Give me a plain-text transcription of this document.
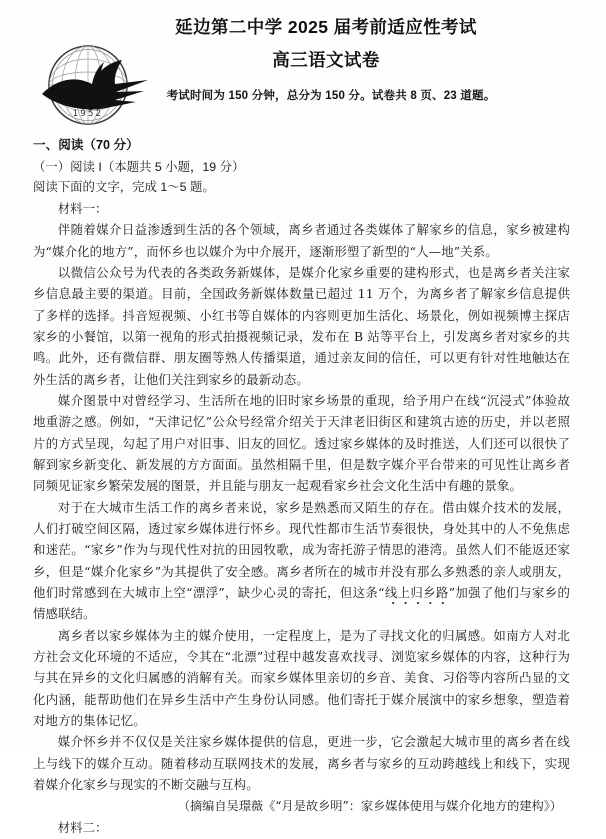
1952
延边第二中学 2025 届考前适应性考试
高三语文试卷
考试时间为 150 分钟，总分为 150 分。试卷共 8 页、23 道题。
一、阅读（70 分）
（一）阅读 I（本题共 5 小题，19 分）
阅读下面的文字，完成 1～5 题。
材料一：

伴随着媒介日益渗透到生活的各个领域，离乡者通过各类媒体了解家乡的信息，家乡被建构为“媒介化的地方”，而怀乡也以媒介为中介展开，逐渐形塑了新型的“人—地”关系。

以微信公众号为代表的各类政务新媒体，是媒介化家乡重要的建构形式，也是离乡者关注家乡信息最主要的渠道。目前，全国政务新媒体数量已超过 11 万个，为离乡者了解家乡信息提供了多样的选择。抖音短视频、小红书等自媒体的内容则更加生活化、场景化，例如视频博主探店家乡的小餐馆，以第一视角的形式拍摄视频记录，发布在 B 站等平台上，引发离乡者对家乡的共鸣。此外，还有微信群、朋友圈等熟人传播渠道，通过亲友间的信任，可以更有针对性地触达在外生活的离乡者，让他们关注到家乡的最新动态。

媒介图景中对曾经学习、生活所在地的旧时家乡场景的重现，给予用户在线“沉浸式”体验故地重游之感。例如，“天津记忆”公众号经常介绍关于天津老旧街区和建筑古迹的历史，并以老照片的方式呈现，勾起了用户对旧事、旧友的回忆。透过家乡媒体的及时推送，人们还可以很快了解到家乡新变化、新发展的方方面面。虽然相隔千里，但是数字媒介平台带来的可见性让离乡者同频见证家乡繁荣发展的图景，并且能与朋友一起观看家乡社会文化生活中有趣的景象。

对于在大城市生活工作的离乡者来说，家乡是熟悉而又陌生的存在。借由媒介技术的发展，人们打破空间区隔，透过家乡媒体进行怀乡。现代性都市生活节奏很快，身处其中的人不免焦虑和迷茫。“家乡”作为与现代性对抗的田园牧歌，成为寄托游子情思的港湾。虽然人们不能返还家乡，但是“媒介化家乡”为其提供了安全感。离乡者所在的城市并没有那么多熟悉的亲人或朋友，他们时常感到在大城市上空“漂浮”，缺少心灵的寄托，但这条“线上归乡路”加强了他们与家乡的情感联结。

离乡者以家乡媒体为主的媒介使用，一定程度上，是为了寻找文化的归属感。如南方人对北方社会文化环境的不适应，令其在“北漂”过程中越发喜欢找寻、浏览家乡媒体的内容，这种行为与其在异乡的文化归属感的消解有关。而家乡媒体里亲切的乡音、美食、习俗等内容所凸显的文化内涵，能帮助他们在异乡生活中产生身份认同感。他们寄托于媒介展演中的家乡想象，塑造着对地方的集体记忆。

媒介怀乡并不仅仅是关注家乡媒体提供的信息，更进一步，它会激起大城市里的离乡者在线上与线下的媒介互动。随着移动互联网技术的发展，离乡者与家乡的互动跨越线上和线下，实现着媒介化家乡与现实的不断交融与互构。

（摘编自吴璟薇《“月是故乡明”：家乡媒体使用与媒介化地方的建构》）

材料二：
